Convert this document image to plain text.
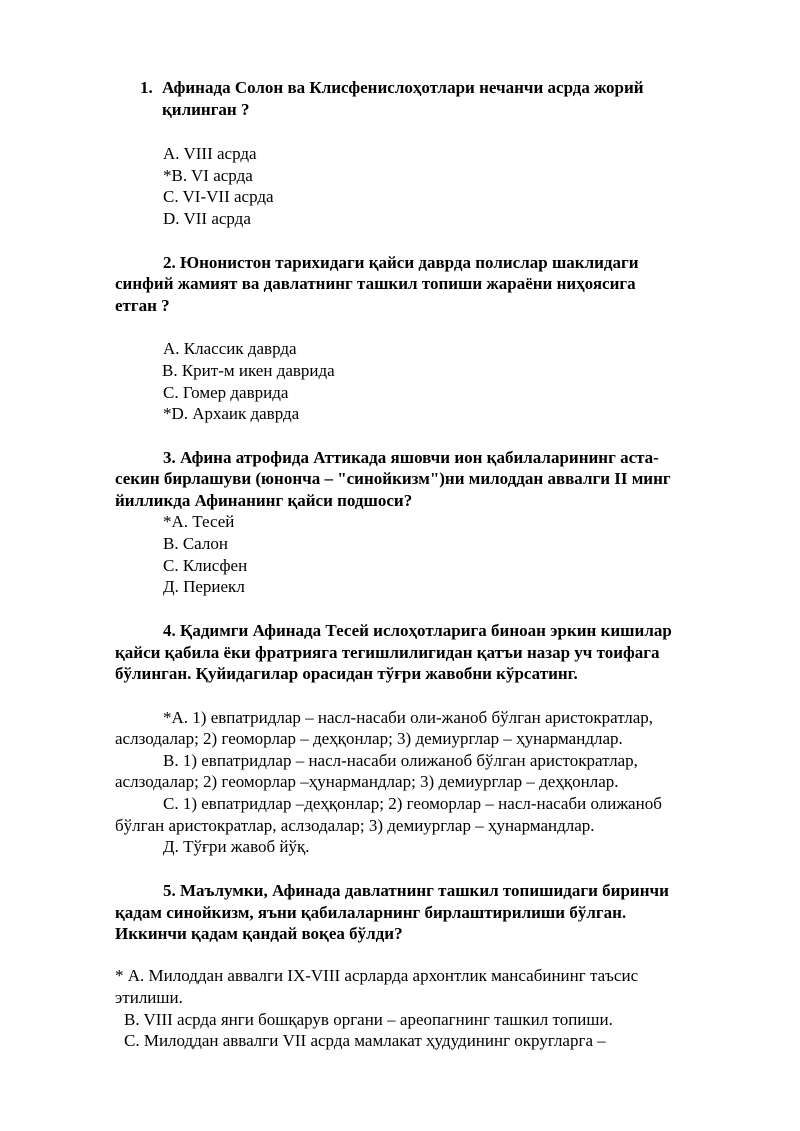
1. Афинада Солон ва Клисфенислоҳотлари нечанчи асрда жорий
қилинган ?
A. VIII асрда
*B. VI асрда
C. VI-VII асрда
D. VII асрда
2. Юнонистон тарихидаги қайси даврда полислар шаклидаги
синфий жамият ва давлатнинг ташкил топиши жараёни ниҳоясига
етган ?
A. Классик даврда
B. Крит-м икен даврида
C. Гомер даврида
*D. Архаик даврда
3. Афина атрофида Аттикада яшовчи ион қабилаларининг аста-
секин бирлашуви (юнонча – "синойкизм")ни милоддан аввалги II минг
йилликда Афинанинг қайси подшоси?
*А. Тесей
В. Салон
С. Клисфен
Д. Периекл
4. Қадимги Афинада Тесей ислоҳотларига биноан эркин кишилар
қайси қабила ёки фратрияга тегишлилигидан қатъи назар уч тоифага
бўлинган. Қуйидагилар орасидан тўғри жавобни кўрсатинг.
*А. 1) евпатридлар – насл-насаби оли-жаноб бўлган аристократлар,
аслзодалар; 2) геоморлар – деҳқонлар; 3) демиурглар – ҳунармандлар.
В. 1) евпатридлар – насл-насаби олижаноб бўлган аристократлар,
аслзодалар; 2) геоморлар –ҳунармандлар; 3) демиурглар – деҳқонлар.
С. 1) евпатридлар –деҳқонлар; 2) геоморлар – насл-насаби олижаноб
бўлган аристократлар, аслзодалар; 3) демиурглар – ҳунармандлар.
Д. Тўғри жавоб йўқ.
5. Маълумки, Афинада давлатнинг ташкил топишидаги биринчи
қадам синойкизм, яъни қабилаларнинг бирлаштирилиши бўлган.
Иккинчи қадам қандай воқеа бўлди?
* А. Милоддан аввалги IX-VIII асрларда архонтлик мансабининг таъсис
этилиши.
B. VIII асрда янги бошқарув органи – ареопагнинг ташкил топиши.
C. Милоддан аввалги VII асрда мамлакат ҳудудининг округларга –
